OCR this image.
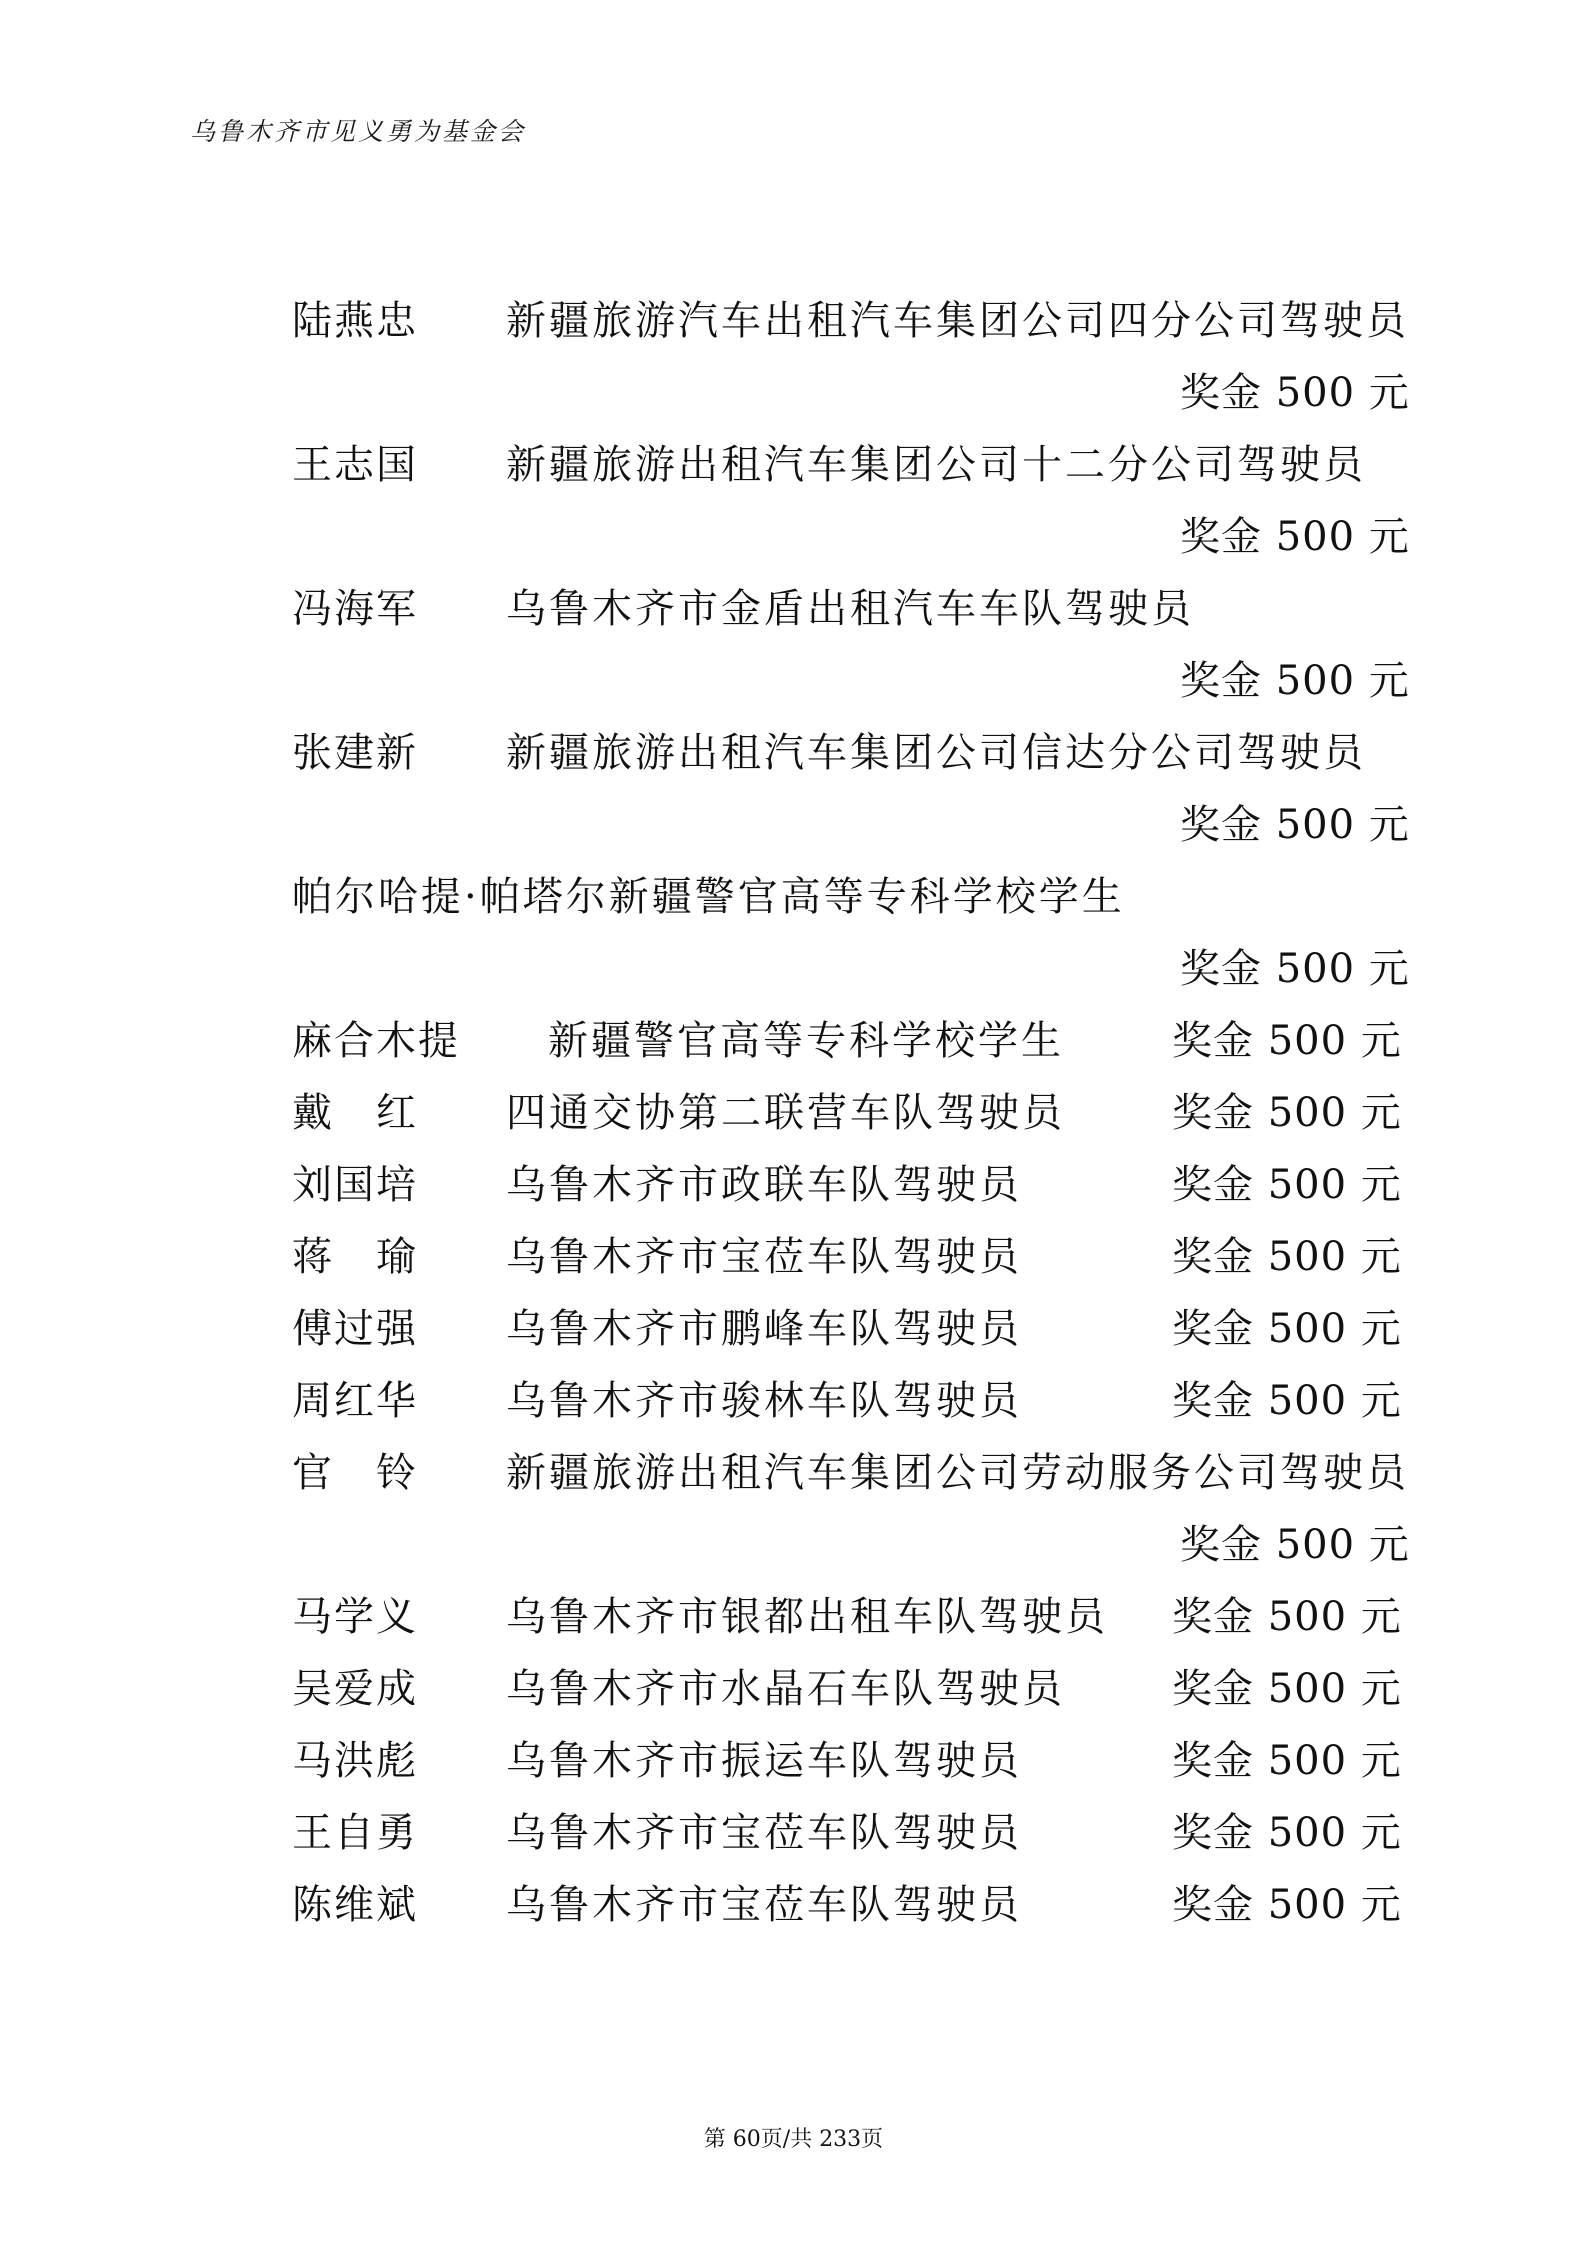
乌鲁木齐市见义勇为基金会
陆燕忠 新疆旅游汽车出租汽车集团公司四分公司驾驶员
奖金 500 元
王志国 新疆旅游出租汽车集团公司十二分公司驾驶员
奖金 500 元
冯海军 乌鲁木齐市金盾出租汽车车队驾驶员
奖金 500 元
张建新 新疆旅游出租汽车集团公司信达分公司驾驶员
奖金 500 元
帕尔哈提·帕塔尔新疆警官高等专科学校学生
奖金 500 元
麻合木提 新疆警官高等专科学校学生	奖金 500 元
戴　红 四通交协第二联营车队驾驶员	奖金 500 元
刘国培 乌鲁木齐市政联车队驾驶员	奖金 500 元
蒋　瑜 乌鲁木齐市宝莅车队驾驶员	奖金 500 元
傅过强 乌鲁木齐市鹏峰车队驾驶员	奖金 500 元
周红华 乌鲁木齐市骏林车队驾驶员	奖金 500 元
官　铃 新疆旅游出租汽车集团公司劳动服务公司驾驶员
奖金 500 元
马学义 乌鲁木齐市银都出租车队驾驶员 奖金 500 元
吴爱成 乌鲁木齐市水晶石车队驾驶员	奖金 500 元
马洪彪 乌鲁木齐市振运车队驾驶员	奖金 500 元
王自勇 乌鲁木齐市宝莅车队驾驶员	奖金 500 元
陈维斌 乌鲁木齐市宝莅车队驾驶员	奖金 500 元
第 60页/共 233页
